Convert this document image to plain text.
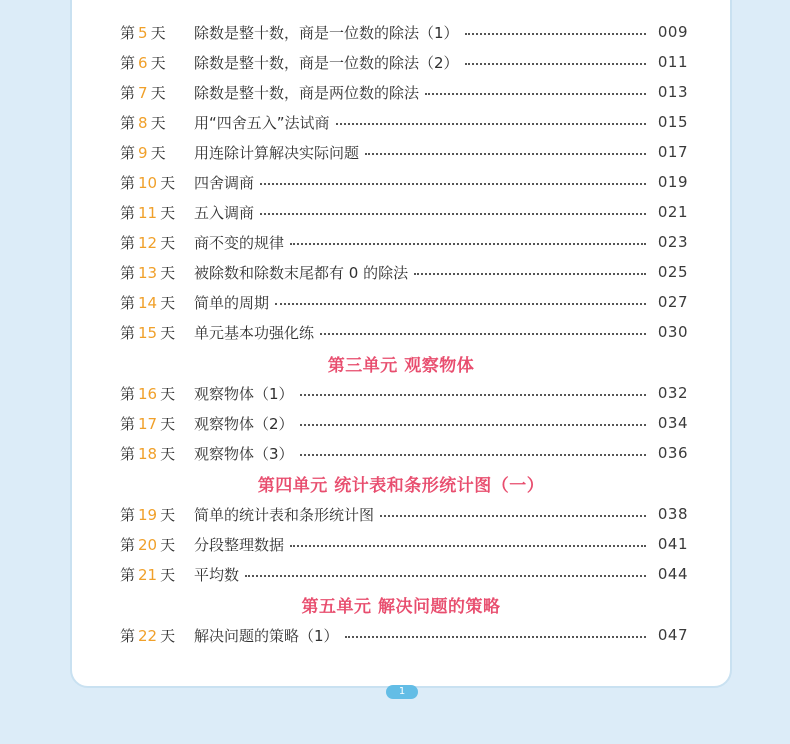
第 5 天	除数是整十数，商是一位数的除法（1）	009
第 6 天	除数是整十数，商是一位数的除法（2）	011
第 7 天	除数是整十数，商是两位数的除法	013
第 8 天	用“四舍五入”法试商	015
第 9 天	用连除计算解决实际问题	017
第 10 天	四舍调商	019
第 11 天	五入调商	021
第 12 天	商不变的规律	023
第 13 天	被除数和除数末尾都有 0 的除法	025
第 14 天	简单的周期	027
第 15 天	单元基本功强化练	030
第三单元 观察物体
第 16 天	观察物体（1）	032
第 17 天	观察物体（2）	034
第 18 天	观察物体（3）	036
第四单元 统计表和条形统计图（一）
第 19 天	简单的统计表和条形统计图	038
第 20 天	分段整理数据	041
第 21 天	平均数	044
第五单元 解决问题的策略
第 22 天	解决问题的策略（1）	047
1
